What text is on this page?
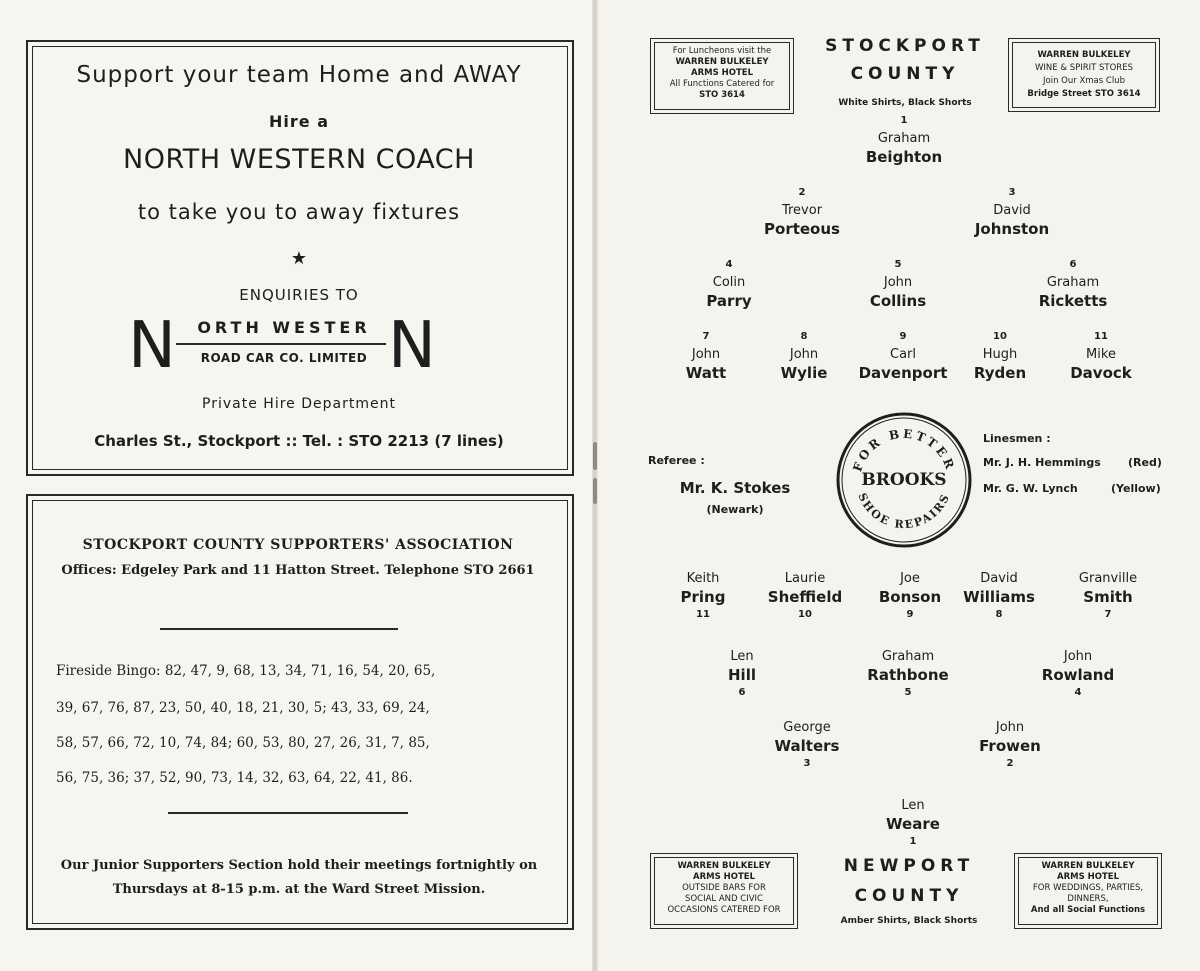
Support your team Home and AWAY
Hire a
NORTH WESTERN COACH
to take you to away fixtures
★
ENQUIRIES TO
N	N
ORTH WESTER
ROAD CAR CO. LIMITED
Private Hire Department
Charles St., Stockport :: Tel. : STO 2213 (7 lines)
STOCKPORT COUNTY SUPPORTERS' ASSOCIATION
Offices: Edgeley Park and 11 Hatton Street. Telephone STO 2661
Fireside Bingo: 82, 47, 9, 68, 13, 34, 71, 16, 54, 20, 65,
39, 67, 76, 87, 23, 50, 40, 18, 21, 30, 5; 43, 33, 69, 24,
58, 57, 66, 72, 10, 74, 84; 60, 53, 80, 27, 26, 31, 7, 85,
56, 75, 36; 37, 52, 90, 73, 14, 32, 63, 64, 22, 41, 86.
Our Junior Supporters Section hold their meetings fortnightly on
Thursdays at 8-15 p.m. at the Ward Street Mission.
For Luncheons visit the
WARREN BULKELEY
ARMS HOTEL
All Functions Catered for
STO 3614
WARREN BULKELEY
WINE & SPIRIT STORES
Join Our Xmas Club
Bridge Street STO 3614
STOCKPORT
COUNTY
White Shirts, Black Shorts
1
Graham
Beighton
2
Trevor
Porteous
3
David
Johnston
4
Colin
Parry
5
John
Collins
6
Graham
Ricketts
7
John
Watt
8
John
Wylie
9
Carl
Davenport
10
Hugh
Ryden
11
Mike
Davock
Referee :
Mr. K. Stokes
(Newark)
FOR BETTER
SHOE REPAIRS
BROOKS
Linesmen :
Mr. J. H. Hemmings (Red)
Mr. G. W. Lynch	(Yellow)
Keith
Pring
11
Laurie
Sheffield
10
Joe
Bonson
9
David
Williams
8
Granville
Smith
7
Len
Hill
6
Graham
Rathbone
5
John
Rowland
4
George
Walters
3
John
Frowen
2
Len
Weare
1
WARREN BULKELEY
ARMS HOTEL
OUTSIDE BARS FOR
SOCIAL AND CIVIC
OCCASIONS CATERED FOR
WARREN BULKELEY
ARMS HOTEL
FOR WEDDINGS, PARTIES,
DINNERS,
And all Social Functions
NEWPORT
COUNTY
Amber Shirts, Black Shorts
